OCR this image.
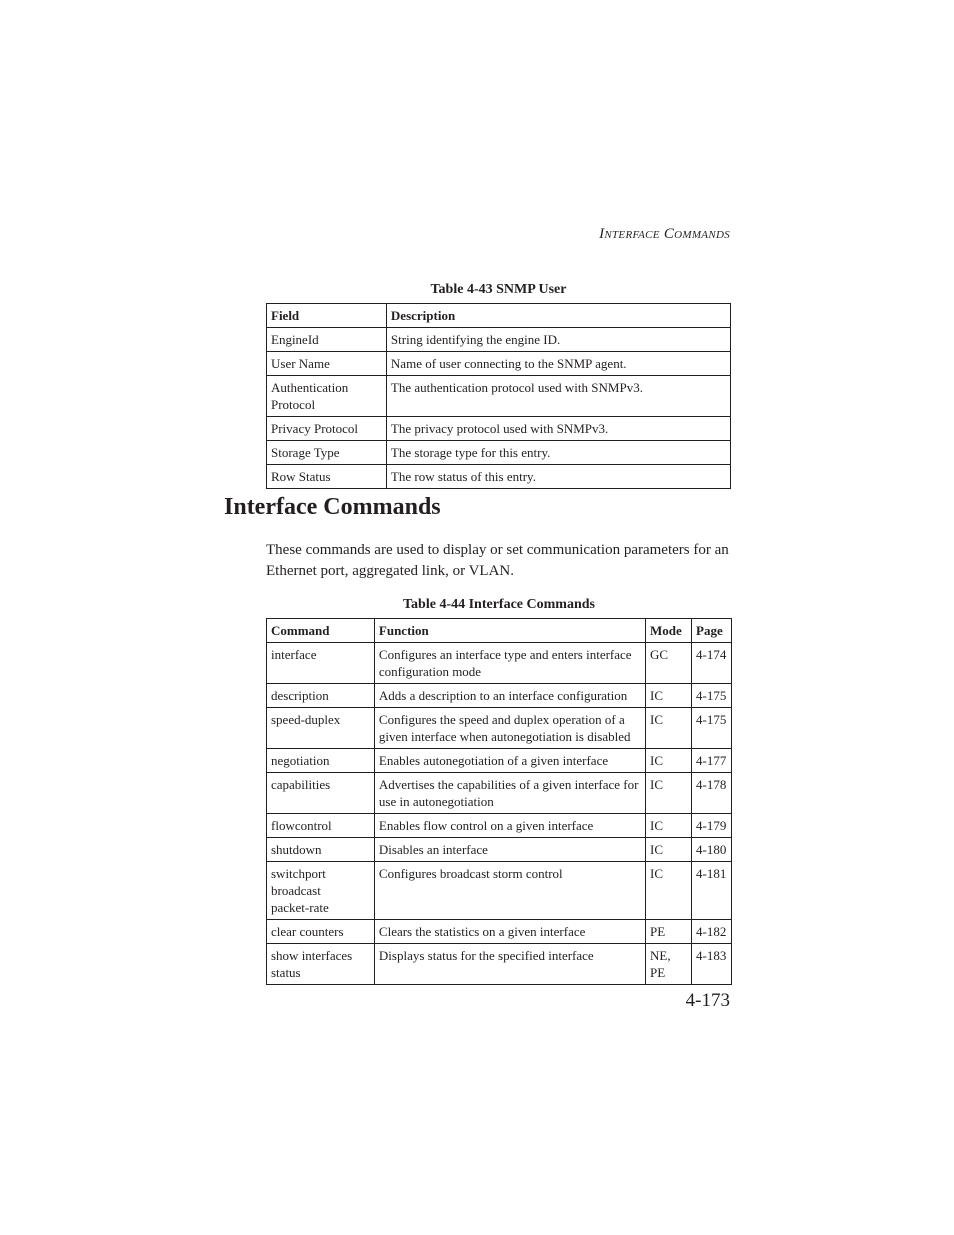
INTERFACE COMMANDS
Table 4-43 SNMP User
Field	Description
EngineId	String identifying the engine ID.
User Name	Name of user connecting to the SNMP agent.
Authentication Protocol	The authentication protocol used with SNMPv3.
Privacy Protocol	The privacy protocol used with SNMPv3.
Storage Type	The storage type for this entry.
Row Status	The row status of this entry.
Interface Commands

These commands are used to display or set communication parameters for an Ethernet port, aggregated link, or VLAN.

Table 4-44 Interface Commands
Command	Function	Mode	Page
interface	Configures an interface type and enters interface configuration mode	GC	4-174
description	Adds a description to an interface configuration	IC	4-175
speed-duplex	Configures the speed and duplex operation of a given interface when autonegotiation is disabled	IC	4-175
negotiation	Enables autonegotiation of a given interface	IC	4-177
capabilities	Advertises the capabilities of a given interface for use in autonegotiation	IC	4-178
flowcontrol	Enables flow control on a given interface	IC	4-179
shutdown	Disables an interface	IC	4-180
switchport broadcast packet-rate	Configures broadcast storm control	IC	4-181
clear counters	Clears the statistics on a given interface	PE	4-182
show interfaces status	Displays status for the specified interface	NE, PE	4-183
4-173
